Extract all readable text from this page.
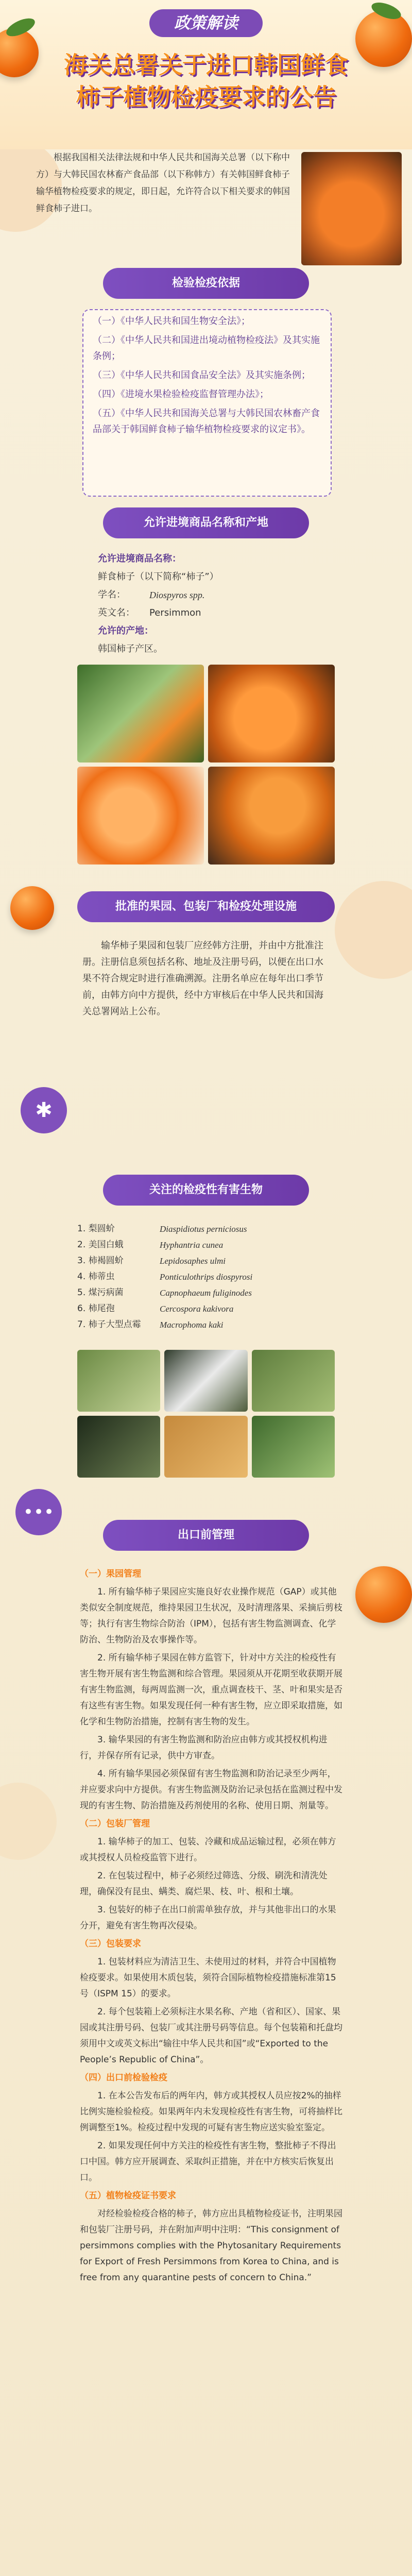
政策解读
海关总署关于进口韩国鲜食
柿子植物检疫要求的公告
根据我国相关法律法规和中华人民共和国海关总署（以下称中方）与大韩民国农林畜产食品部（以下称韩方）有关韩国鲜食柿子输华植物检疫要求的规定，即日起，允许符合以下相关要求的韩国鲜食柿子进口。
检验检疫依据

（一）《中华人民共和国生物安全法》；

（二）《中华人民共和国进出境动植物检疫法》及其实施条例；

（三）《中华人民共和国食品安全法》及其实施条例；

（四）《进境水果检验检疫监督管理办法》；

（五）《中华人民共和国海关总署与大韩民国农林畜产食品部关于韩国鲜食柿子输华植物检疫要求的议定书》。

允许进境商品名称和产地
允许进境商品名称：
鲜食柿子（以下简称“柿子”）
学名：	Diospyros spp.
英文名： Persimmon
允许的产地：
韩国柿子产区。
批准的果园、包装厂和检疫处理设施
输华柿子果园和包装厂应经韩方注册，并由中方批准注册。注册信息须包括名称、地址及注册号码，以便在出口水果不符合规定时进行准确溯源。注册名单应在每年出口季节前，由韩方向中方提供，经中方审核后在中华人民共和国海关总署网站上公布。
✱
关注的检疫性有害生物
1. 梨圆蚧	Diaspidiotus perniciosus
2. 美国白蛾	Hyphantria cunea
3. 柿褐圆蚧	Lepidosaphes ulmi
4. 柿蒂虫	Ponticulothrips diospyrosi
5. 煤污病菌	Capnophaeum fuliginodes
6. 柿尾孢	Cercospora kakivora
7. 柿子大型点霉	Macrophoma kaki
•••
出口前管理

（一）果园管理

1. 所有输华柿子果园应实施良好农业操作规范（GAP）或其他类似安全制度规范，维持果园卫生状况，及时清理落果、采摘后剪枝等；执行有害生物综合防治（IPM），包括有害生物监测调查、化学防治、生物防治及农事操作等。

2. 所有输华柿子果园在韩方监管下，针对中方关注的检疫性有害生物开展有害生物监测和综合管理。果园须从开花期至收获期开展有害生物监测，每两周监测一次，重点调查枝干、茎、叶和果实是否有这些有害生物。如果发现任何一种有害生物，应立即采取措施，如化学和生物防治措施，控制有害生物的发生。

3. 输华果园的有害生物监测和防治应由韩方或其授权机构进行，并保存所有记录，供中方审查。

4. 所有输华果园必须保留有害生物监测和防治记录至少两年，并应要求向中方提供。有害生物监测及防治记录包括在监测过程中发现的有害生物、防治措施及药剂使用的名称、使用日期、剂量等。

（二）包装厂管理

1. 输华柿子的加工、包装、冷藏和成品运输过程，必须在韩方或其授权人员检疫监管下进行。

2. 在包装过程中，柿子必须经过筛选、分级、刷洗和清洗处理，确保没有昆虫、螨类、腐烂果、枝、叶、根和土壤。

3. 包装好的柿子在出口前需单独存放，并与其他非出口的水果分开，避免有害生物再次侵染。

（三）包装要求

1. 包装材料应为清洁卫生、未使用过的材料，并符合中国植物检疫要求。如果使用木质包装，须符合国际植物检疫措施标准第15号（ISPM 15）的要求。

2. 每个包装箱上必须标注水果名称、产地（省和区）、国家、果园或其注册号码、包装厂或其注册号码等信息。每个包装箱和托盘均须用中文或英文标出“输往中华人民共和国”或“Exported to the People’s Republic of China”。

（四）出口前检验检疫

1. 在本公告发布后的两年内，韩方或其授权人员应按2%的抽样比例实施检验检疫。如果两年内未发现检疫性有害生物，可将抽样比例调整至1%。检疫过程中发现的可疑有害生物应送实验室鉴定。

2. 如果发现任何中方关注的检疫性有害生物，整批柿子不得出口中国。韩方应开展调查、采取纠正措施，并在中方核实后恢复出口。

（五）植物检疫证书要求

对经检验检疫合格的柿子，韩方应出具植物检疫证书，注明果园和包装厂注册号码，并在附加声明中注明：“This consignment of persimmons complies with the Phytosanitary Requirements for Export of Fresh Persimmons from Korea to China, and is free from any quarantine pests of concern to China.”
